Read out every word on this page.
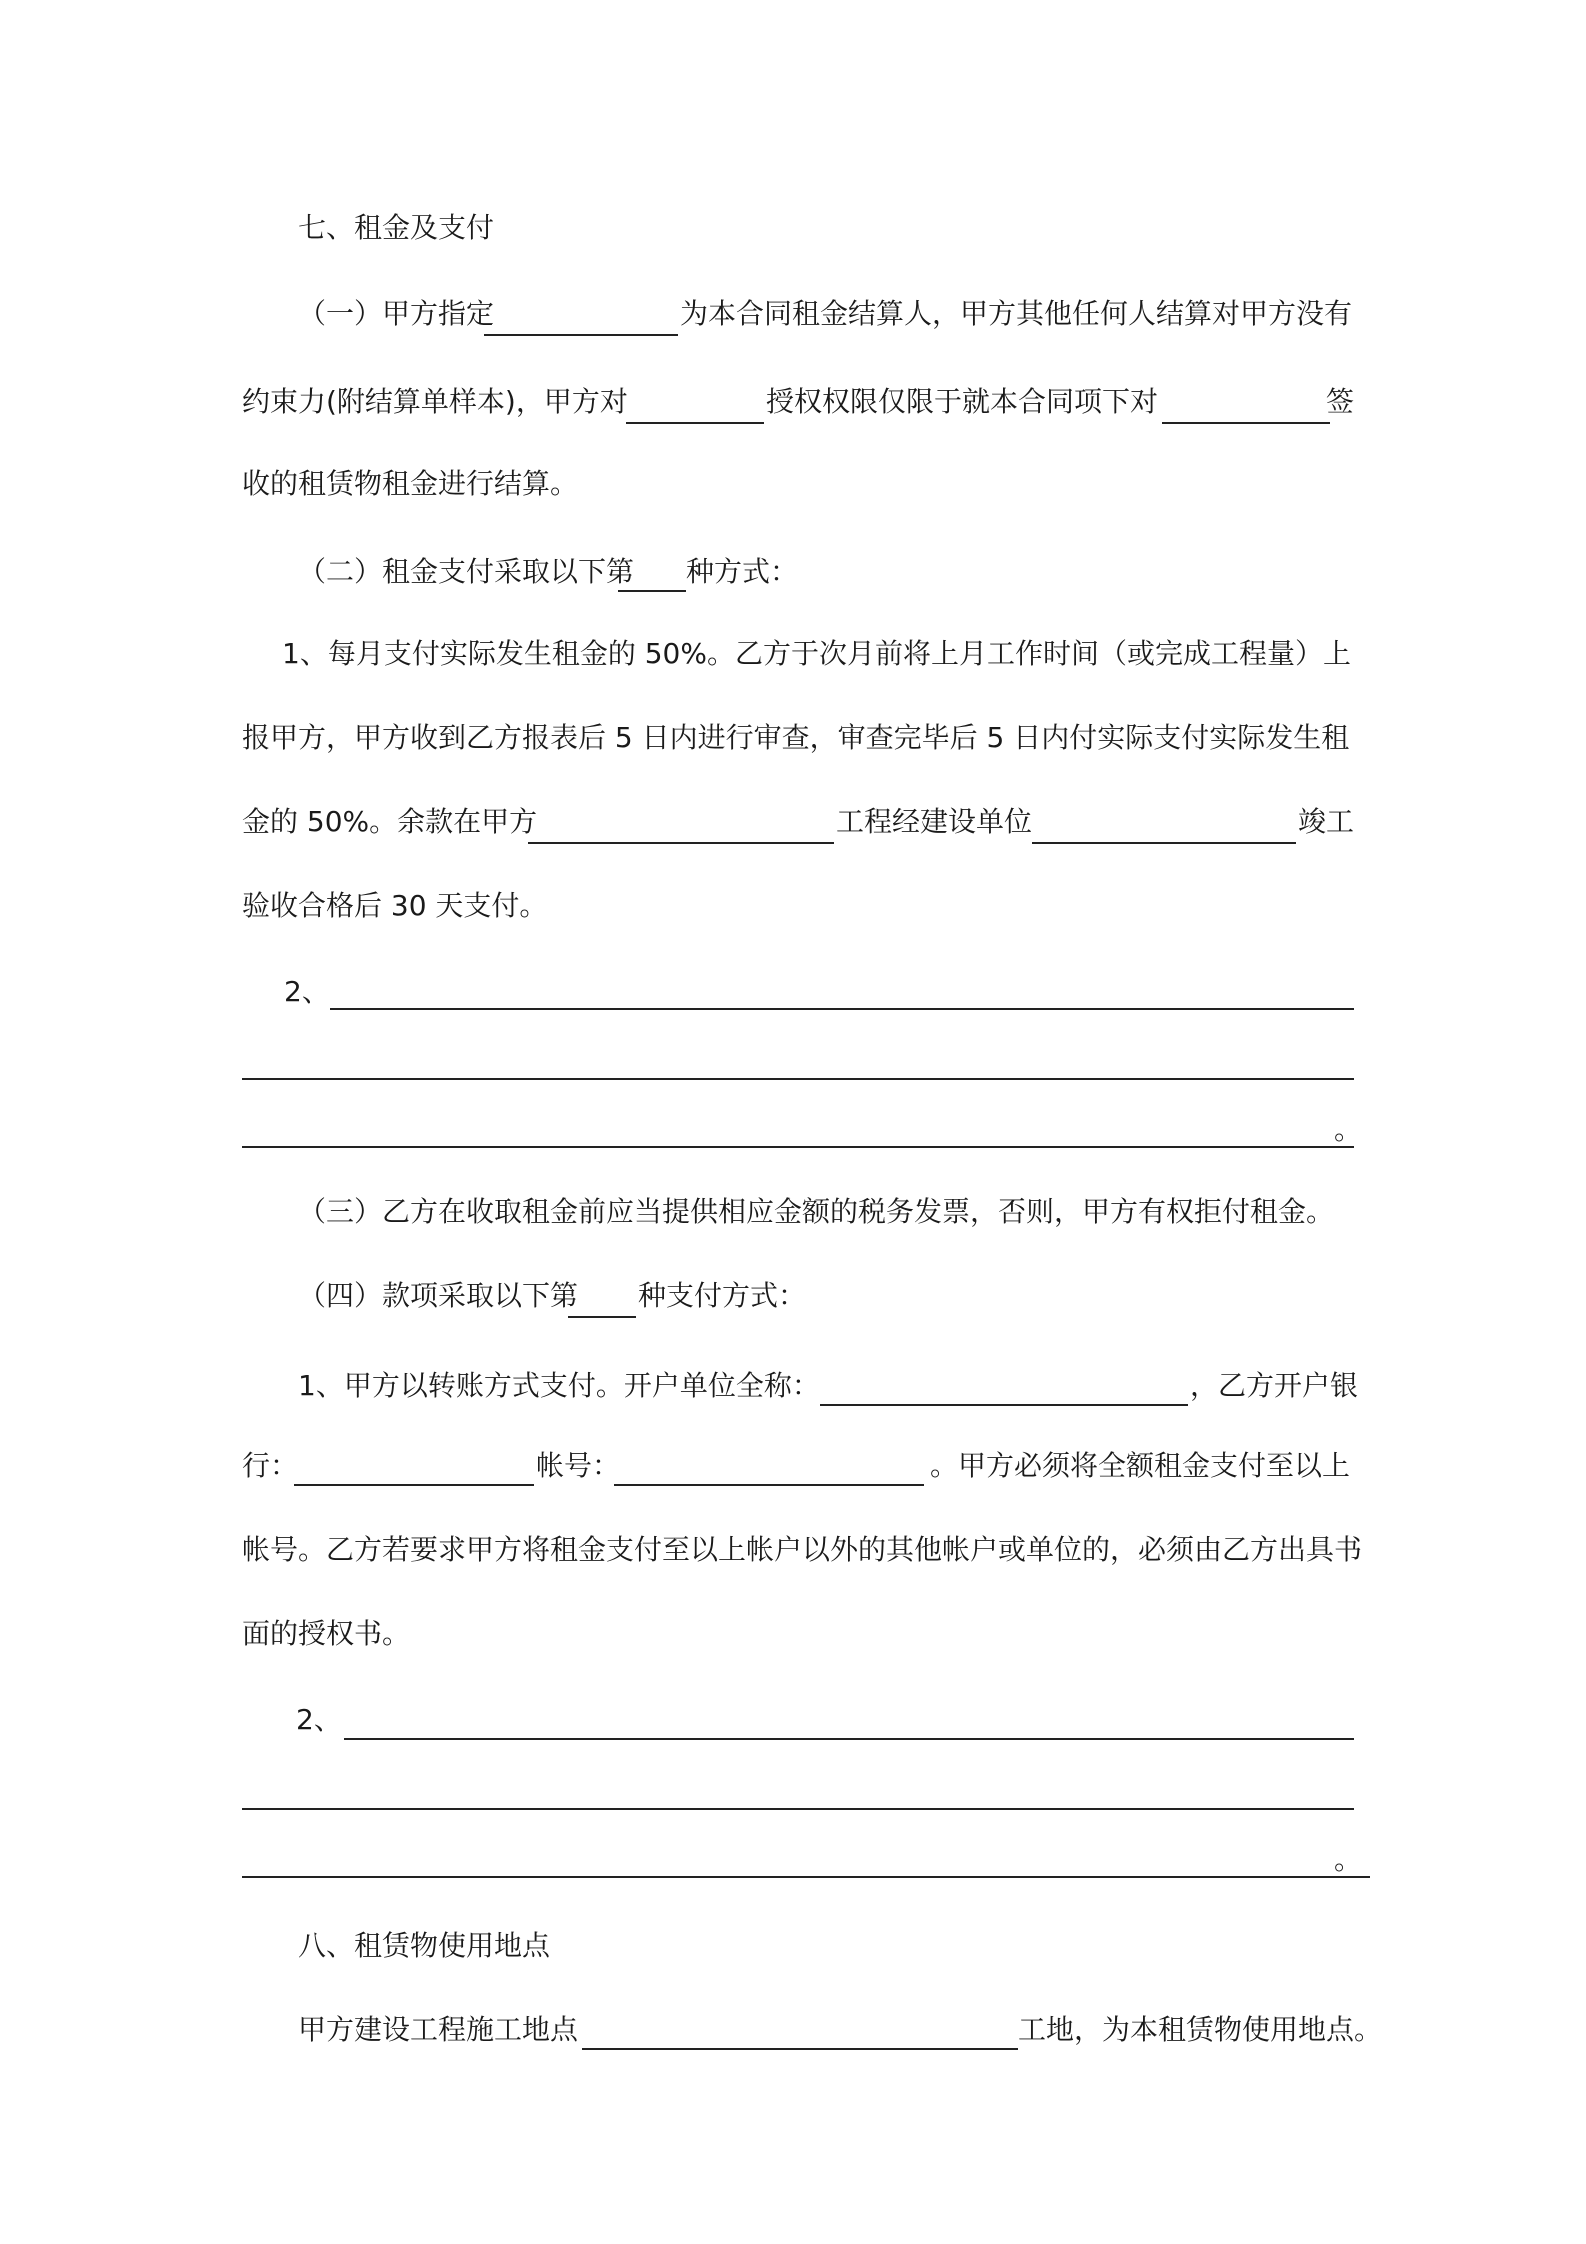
七、租金及支付
（一）甲方指定	为本合同租金结算人，甲方其他任何人结算对甲方没有
约束力(附结算单样本)，甲方对	授权权限仅限于就本合同项下对	签
收的租赁物租金进行结算。
（二）租金支付采取以下第 种方式：
1、每月支付实际发生租金的 50%。乙方于次月前将上月工作时间（或完成工程量）上
报甲方，甲方收到乙方报表后 5 日内进行审查，审查完毕后 5 日内付实际支付实际发生租
金的 50%。余款在甲方	工程经建设单位	竣工
验收合格后 30 天支付。
2、
。
（三）乙方在收取租金前应当提供相应金额的税务发票，否则，甲方有权拒付租金。
（四）款项采取以下第 种支付方式：
1、甲方以转账方式支付。开户单位全称：	，乙方开户银
行：	帐号：	。甲方必须将全额租金支付至以上
帐号。乙方若要求甲方将租金支付至以上帐户以外的其他帐户或单位的，必须由乙方出具书
面的授权书。
2、
。
八、租赁物使用地点
甲方建设工程施工地点	工地，为本租赁物使用地点。
